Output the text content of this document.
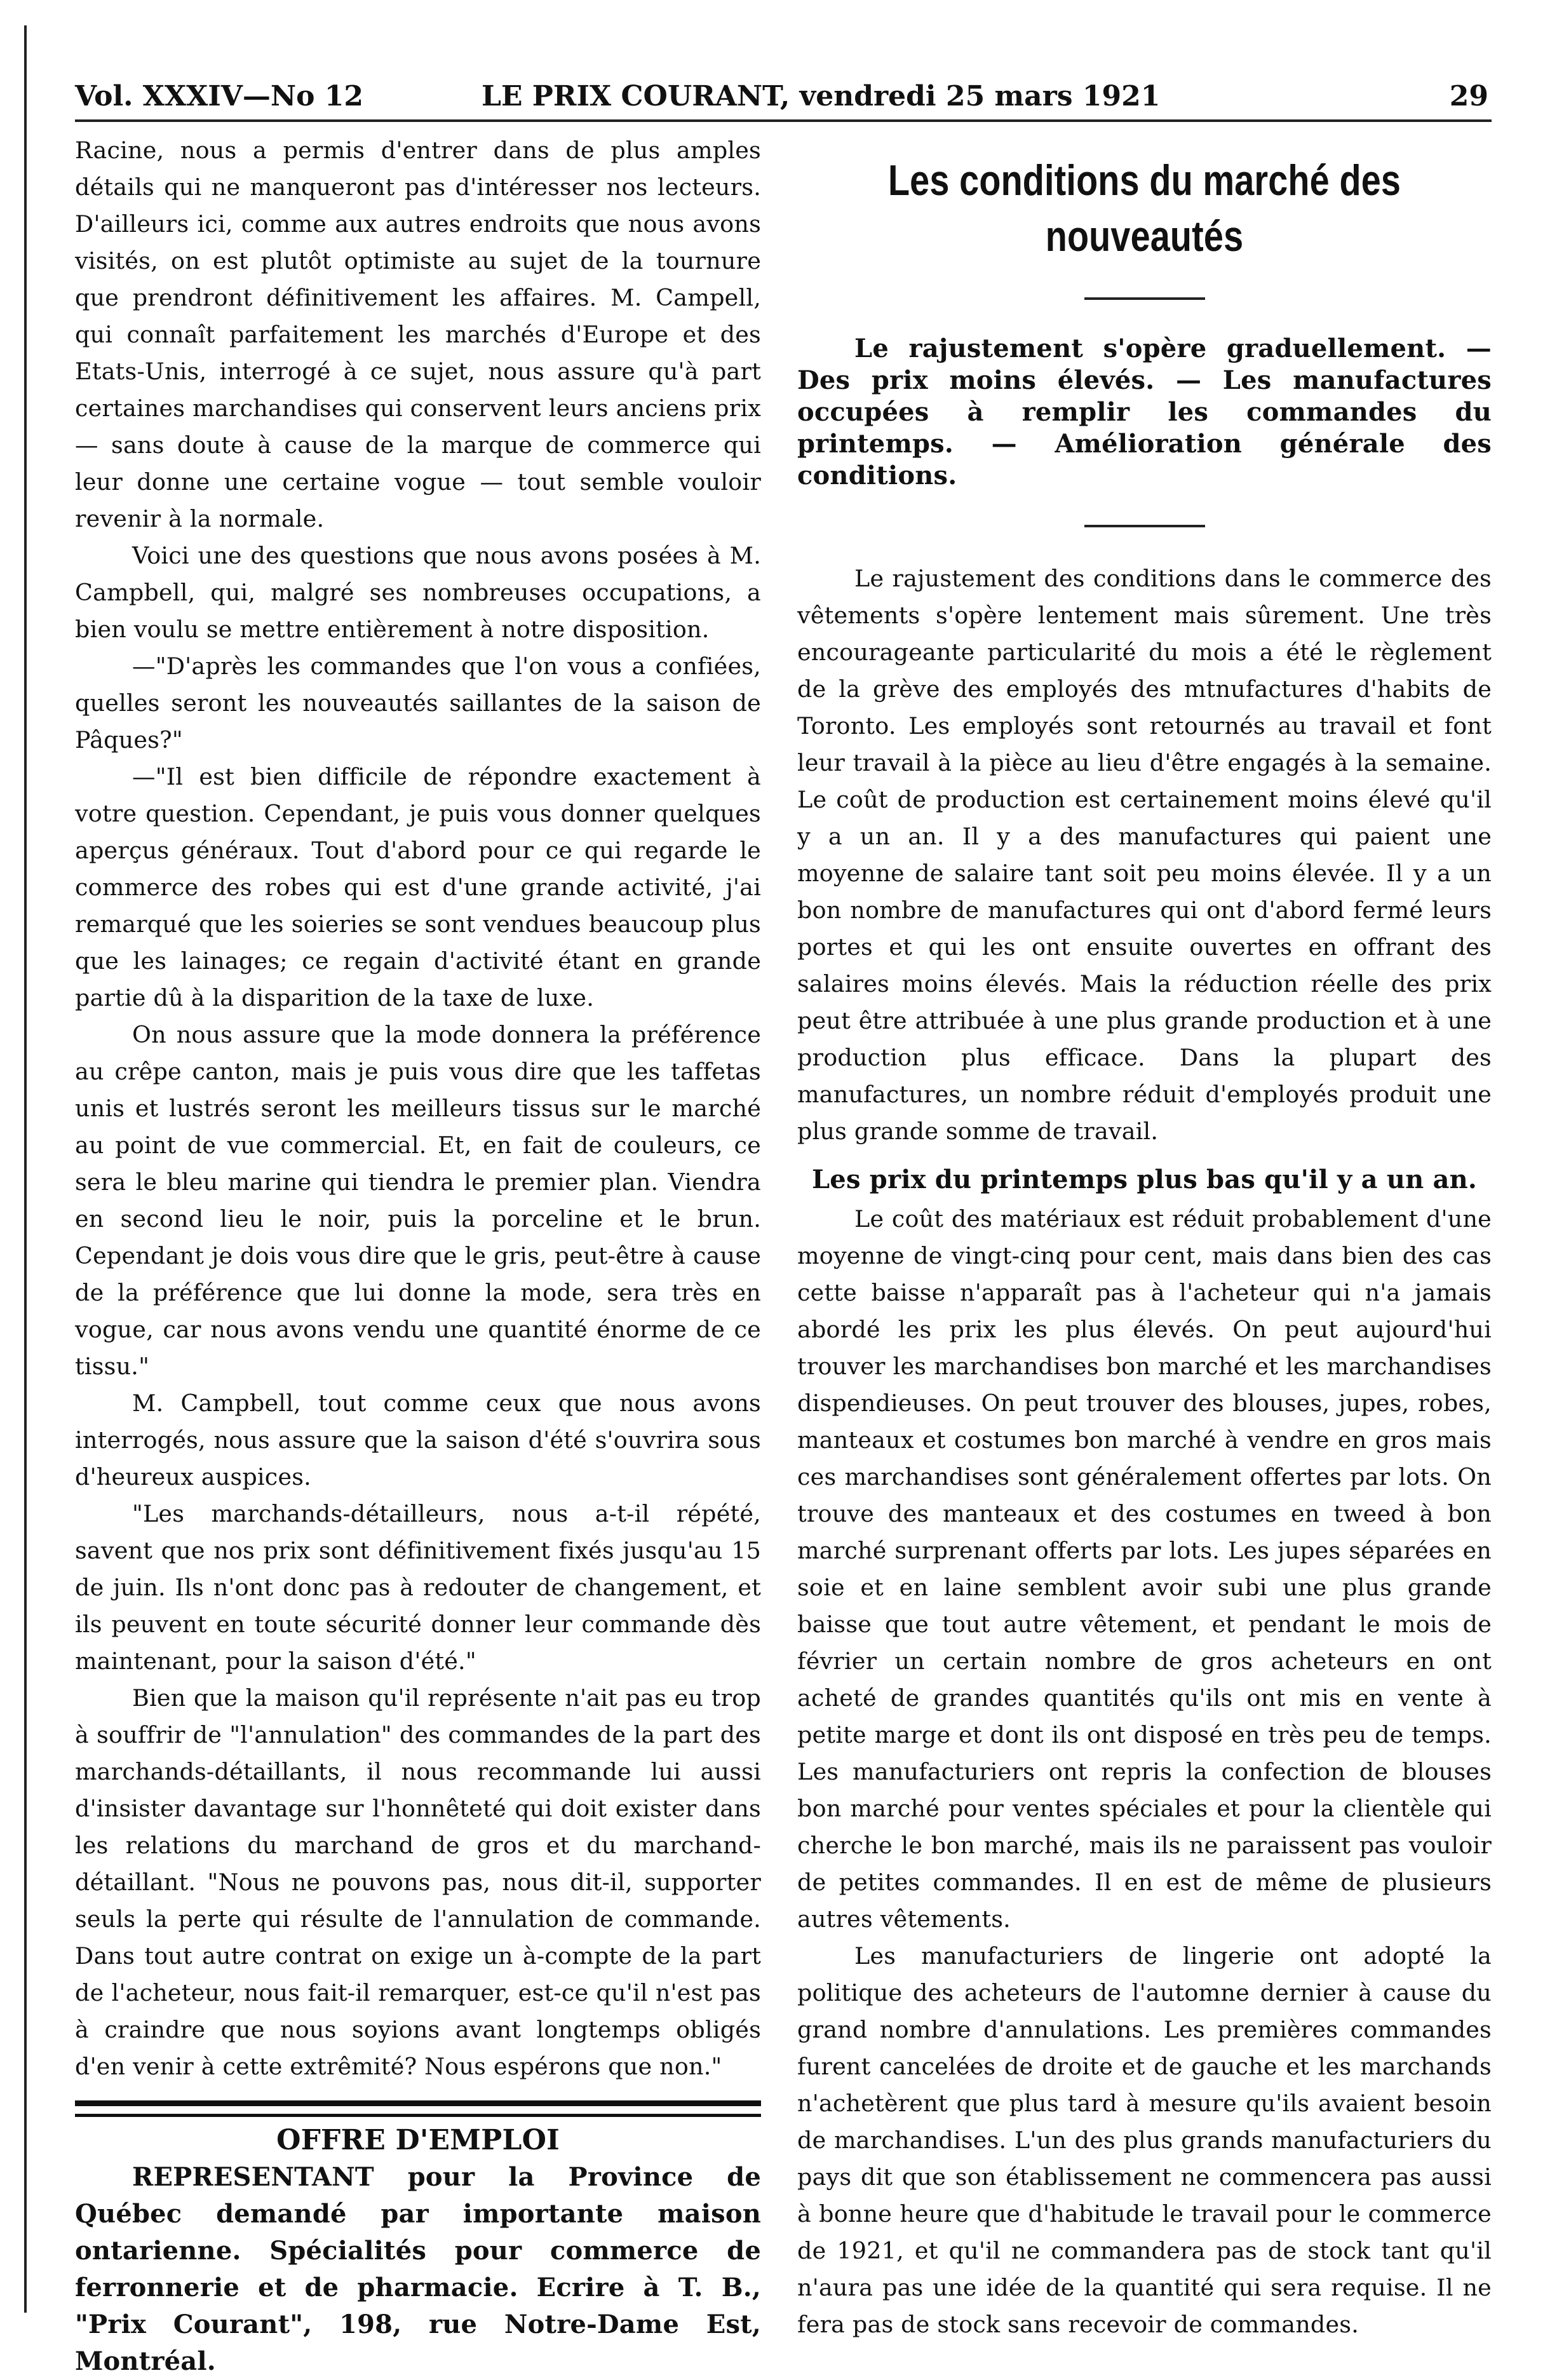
Vol. XXXIV—No 12	LE PRIX COURANT, vendredi 25 mars 1921	29

Racine, nous a permis d'entrer dans de plus amples détails qui ne manqueront pas d'intéresser nos lecteurs. D'ailleurs ici, comme aux autres endroits que nous avons visités, on est plutôt optimiste au sujet de la tournure que prendront définitivement les affaires. M. Campell, qui connaît parfaitement les marchés d'Europe et des Etats-Unis, interrogé à ce sujet, nous assure qu'à part certaines marchandises qui conservent leurs anciens prix — sans doute à cause de la marque de commerce qui leur donne une certaine vogue — tout semble vouloir revenir à la normale.

Voici une des questions que nous avons posées à M. Campbell, qui, malgré ses nombreuses occupations, a bien voulu se mettre entièrement à notre disposition.

—"D'après les commandes que l'on vous a confiées, quelles seront les nouveautés saillantes de la saison de Pâques?"

—"Il est bien difficile de répondre exactement à votre question. Cependant, je puis vous donner quelques aperçus généraux. Tout d'abord pour ce qui regarde le commerce des robes qui est d'une grande activité, j'ai remarqué que les soieries se sont vendues beaucoup plus que les lainages; ce regain d'activité étant en grande partie dû à la disparition de la taxe de luxe.

On nous assure que la mode donnera la préférence au crêpe canton, mais je puis vous dire que les taffetas unis et lustrés seront les meilleurs tissus sur le marché au point de vue commercial. Et, en fait de couleurs, ce sera le bleu marine qui tiendra le premier plan. Viendra en second lieu le noir, puis la porceline et le brun. Cependant je dois vous dire que le gris, peut-être à cause de la préférence que lui donne la mode, sera très en vogue, car nous avons vendu une quantité énorme de ce tissu."

M. Campbell, tout comme ceux que nous avons interrogés, nous assure que la saison d'été s'ouvrira sous d'heureux auspices.

"Les marchands-détailleurs, nous a-t-il répété, savent que nos prix sont définitivement fixés jusqu'au 15 de juin. Ils n'ont donc pas à redouter de changement, et ils peuvent en toute sécurité donner leur commande dès maintenant, pour la saison d'été."

Bien que la maison qu'il représente n'ait pas eu trop à souffrir de "l'annulation" des commandes de la part des marchands-détaillants, il nous recommande lui aussi d'insister davantage sur l'honnêteté qui doit exister dans les relations du marchand de gros et du marchand-détaillant. "Nous ne pouvons pas, nous dit-il, supporter seuls la perte qui résulte de l'annulation de commande. Dans tout autre contrat on exige un à-compte de la part de l'acheteur, nous fait-il remarquer, est-ce qu'il n'est pas à craindre que nous soyions avant longtemps obligés d'en venir à cette extrêmité? Nous espérons que non."

OFFRE D'EMPLOI

REPRESENTANT pour la Province de Québec demandé par importante maison ontarienne. Spécialités pour commerce de ferronnerie et de pharmacie. Ecrire à T. B., "Prix Courant", 198, rue Notre-Dame Est, Montréal.

Les conditions du marché des nouveautés

Le rajustement s'opère graduellement. — Des prix moins élevés. — Les manufactures occupées à remplir les commandes du printemps. — Amélioration générale des conditions.

Le rajustement des conditions dans le commerce des vêtements s'opère lentement mais sûrement. Une très encourageante particularité du mois a été le règlement de la grève des employés des mtnufactures d'habits de Toronto. Les employés sont retournés au travail et font leur travail à la pièce au lieu d'être engagés à la semaine. Le coût de production est certainement moins élevé qu'il y a un an. Il y a des manufactures qui paient une moyenne de salaire tant soit peu moins élevée. Il y a un bon nombre de manufactures qui ont d'abord fermé leurs portes et qui les ont ensuite ouvertes en offrant des salaires moins élevés. Mais la réduction réelle des prix peut être attribuée à une plus grande production et à une production plus efficace. Dans la plupart des manufactures, un nombre réduit d'employés produit une plus grande somme de travail.

Les prix du printemps plus bas qu'il y a un an.

Le coût des matériaux est réduit probablement d'une moyenne de vingt-cinq pour cent, mais dans bien des cas cette baisse n'apparaît pas à l'acheteur qui n'a jamais abordé les prix les plus élevés. On peut aujourd'hui trouver les marchandises bon marché et les marchandises dispendieuses. On peut trouver des blouses, jupes, robes, manteaux et costumes bon marché à vendre en gros mais ces marchandises sont généralement offertes par lots. On trouve des manteaux et des costumes en tweed à bon marché surprenant offerts par lots. Les jupes séparées en soie et en laine semblent avoir subi une plus grande baisse que tout autre vêtement, et pendant le mois de février un certain nombre de gros acheteurs en ont acheté de grandes quantités qu'ils ont mis en vente à petite marge et dont ils ont disposé en très peu de temps. Les manufacturiers ont repris la confection de blouses bon marché pour ventes spéciales et pour la clientèle qui cherche le bon marché, mais ils ne paraissent pas vouloir de petites commandes. Il en est de même de plusieurs autres vêtements.

Les manufacturiers de lingerie ont adopté la politique des acheteurs de l'automne dernier à cause du grand nombre d'annulations. Les premières commandes furent cancelées de droite et de gauche et les marchands n'achetèrent que plus tard à mesure qu'ils avaient besoin de marchandises. L'un des plus grands manufacturiers du pays dit que son établissement ne commencera pas aussi à bonne heure que d'habitude le travail pour le commerce de 1921, et qu'il ne commandera pas de stock tant qu'il n'aura pas une idée de la quantité qui sera requise. Il ne fera pas de stock sans recevoir de commandes.
